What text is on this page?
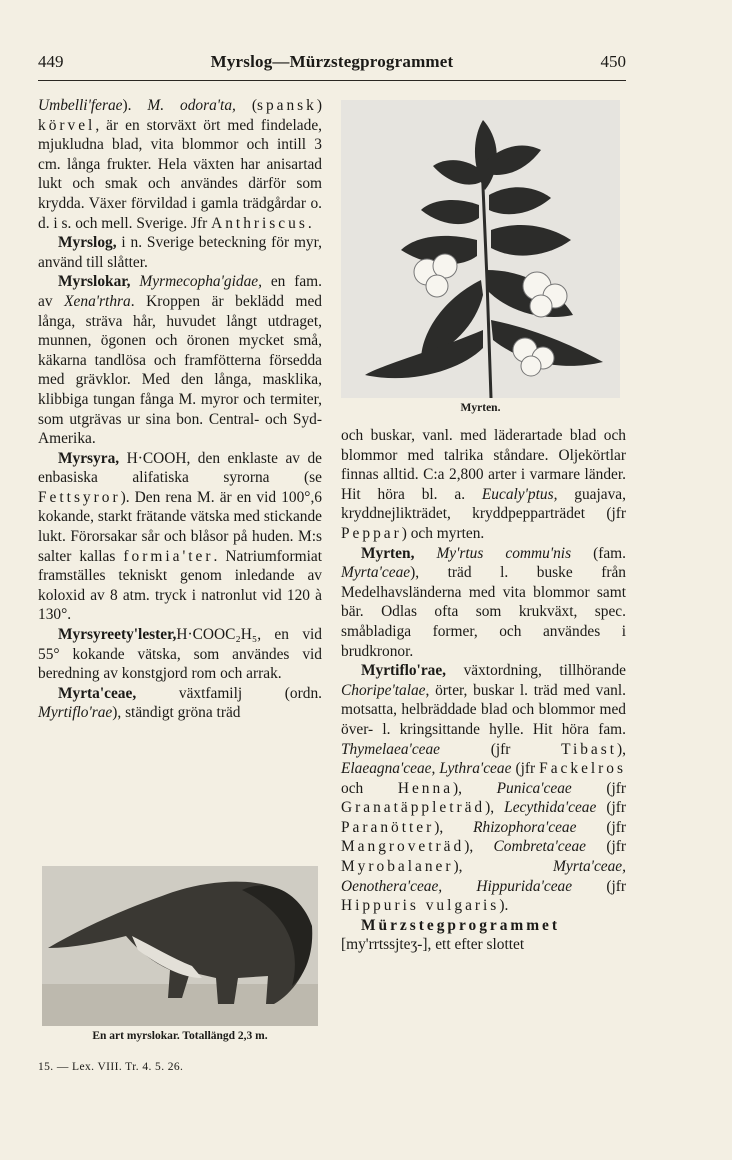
449	Myrslog—Mürzstegprogrammet	450

Umbelli'ferae). M. odora'ta, (spansk) körvel, är en storväxt ört med findelade, mjukludna blad, vita blommor och intill 3 cm. långa frukter. Hela växten har anisartad lukt och smak och användes därför som krydda. Växer förvildad i gamla trädgårdar o. d. i s. och mell. Sverige. Jfr Anthriscus.

Myrslog, i n. Sverige beteckning för myr, använd till slåtter.

Myrslokar, Myrmecopha'gidae, en fam. av Xena'rthra. Kroppen är beklädd med långa, sträva hår, huvudet långt utdraget, munnen, ögonen och öronen mycket små, käkarna tandlösa och framfötterna försedda med grävklor. Med den långa, masklika, klibbiga tungan fånga M. myror och termiter, som utgrävas ur sina bon. Central- och Syd-Amerika.

Myrsyra, H·COOH, den enklaste av de enbasiska alifatiska syrorna (se Fettsyror). Den rena M. är en vid 100°,6 kokande, starkt frätande vätska med stickande lukt. Förorsakar sår och blåsor på huden. M:s salter kallas formia'ter. Natriumformiat framställes tekniskt genom inledande av koloxid av 8 atm. tryck i natronlut vid 120 à 130°.

Myrsyreety'lester,H·COOC₂H₅, en vid 55° kokande vätska, som användes vid beredning av konstgjord rom och arrak.

Myrta'ceae, växtfamilj (ordn. Myrtiflo'rae), ständigt gröna träd

Myrten.

och buskar, vanl. med läderartade blad och blommor med talrika ståndare. Oljekörtlar finnas alltid. C:a 2,800 arter i varmare länder. Hit höra bl. a. Eucaly'ptus, guajava, kryddnejlikträdet, kryddpepparträdet (jfr Peppar) och myrten.

Myrten, My'rtus commu'nis (fam. Myrta'ceae), träd l. buske från Medelhavsländerna med vita blommor samt bär. Odlas ofta som krukväxt, spec. småbladiga former, och användes i brudkronor.

Myrtiflo'rae, växtordning, tillhörande Choripe'talae, örter, buskar l. träd med vanl. motsatta, helbräddade blad och blommor med över- l. kringsittande hylle. Hit höra fam. Thymelaea'ceae (jfr Tibast), Elaeagna'ceae, Lythra'ceae (jfr Fackelros och Henna), Punica'ceae (jfr Granatäppleträd), Lecythida'ceae (jfr Paranötter), Rhizophora'ceae (jfr Mangroveträd), Combreta'ceae (jfr Myrobalaner), Myrta'ceae, Oenothera'ceae, Hippurida'ceae (jfr Hippuris vulgaris).

Mürzstegprogrammet [my'rrtssjteʒ-], ett efter slottet

En art myrslokar. Totallängd 2,3 m.
15. — Lex. VIII. Tr. 4. 5. 26.
